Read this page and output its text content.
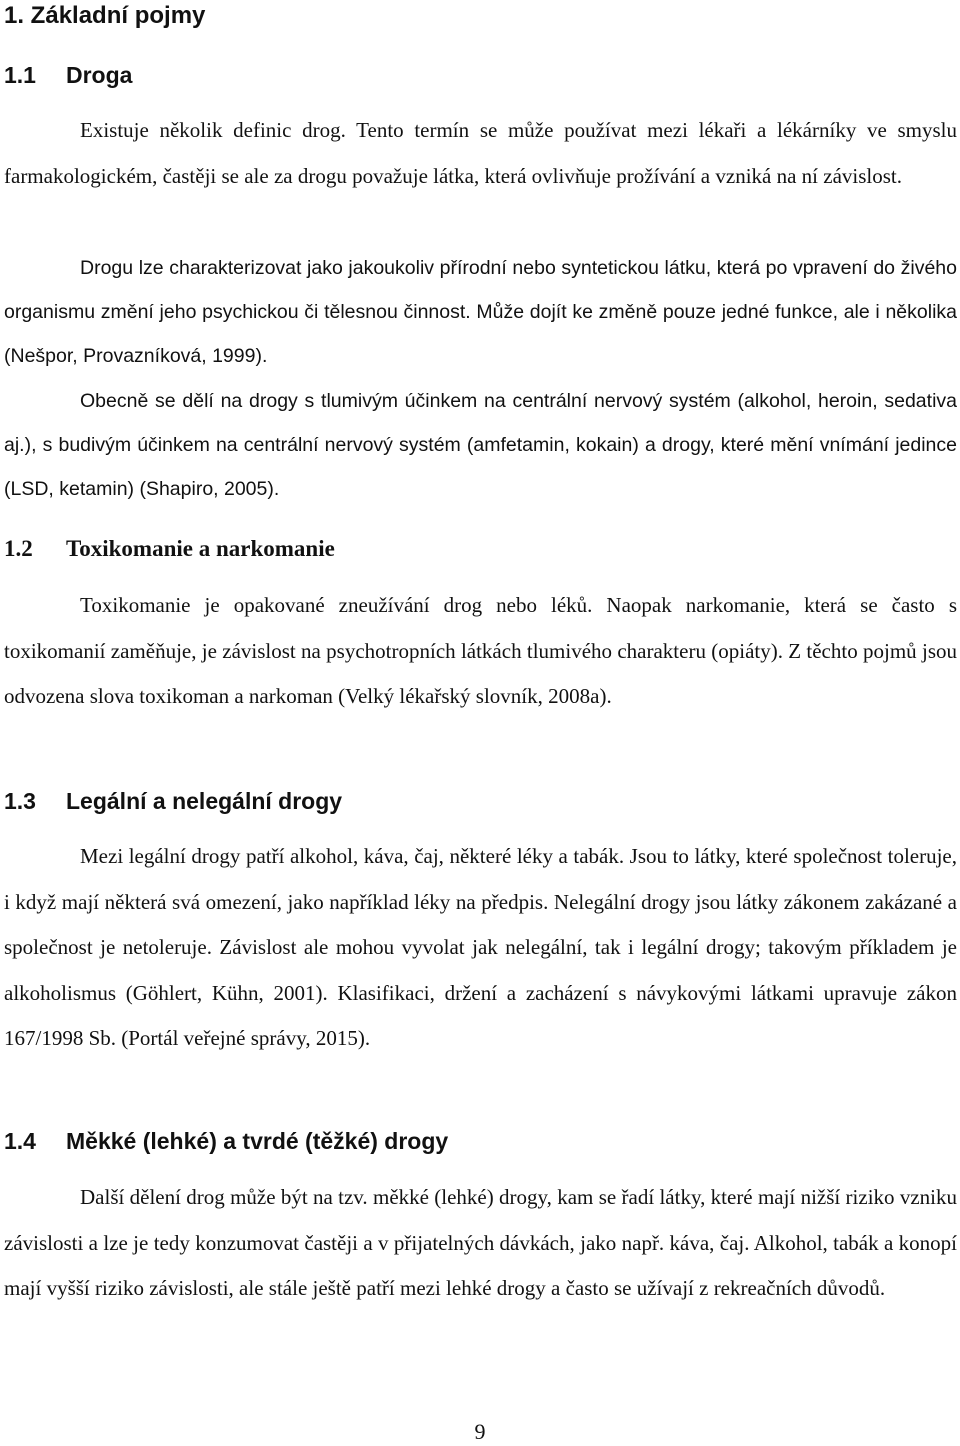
1. Základní pojmy
1.1 Droga

Existuje několik definic drog. Tento termín se může používat mezi lékaři a lékárníky ve smyslu farmakologickém, častěji se ale za drogu považuje látka, která ovlivňuje prožívání a vzniká na ní závislost.

Drogu lze charakterizovat jako jakoukoliv přírodní nebo syntetickou látku, která po vpravení do živého organismu změní jeho psychickou či tělesnou činnost. Může dojít ke změně pouze jedné funkce, ale i několika (Nešpor, Provazníková, 1999).

Obecně se dělí na drogy s tlumivým účinkem na centrální nervový systém (alkohol, heroin, sedativa aj.), s budivým účinkem na centrální nervový systém (amfetamin, kokain) a drogy, které mění vnímání jedince (LSD, ketamin) (Shapiro, 2005).

1.2 Toxikomanie a narkomanie

Toxikomanie je opakované zneužívání drog nebo léků. Naopak narkomanie, která se často s toxikomanií zaměňuje, je závislost na psychotropních látkách tlumivého charakteru (opiáty). Z těchto pojmů jsou odvozena slova toxikoman a narkoman (Velký lékařský slovník, 2008a).

1.3 Legální a nelegální drogy

Mezi legální drogy patří alkohol, káva, čaj, některé léky a tabák. Jsou to látky, které společnost toleruje, i když mají některá svá omezení, jako například léky na předpis. Nelegální drogy jsou látky zákonem zakázané a společnost je netoleruje. Závislost ale mohou vyvolat jak nelegální, tak i legální drogy; takovým příkladem je alkoholismus (Göhlert, Kühn, 2001). Klasifikaci, držení a zacházení s návykovými látkami upravuje zákon 167/1998 Sb. (Portál veřejné správy, 2015).

1.4 Měkké (lehké) a tvrdé (těžké) drogy

Další dělení drog může být na tzv. měkké (lehké) drogy, kam se řadí látky, které mají nižší riziko vzniku závislosti a lze je tedy konzumovat častěji a v přijatelných dávkách, jako např. káva, čaj. Alkohol, tabák a konopí mají vyšší riziko závislosti, ale stále ještě patří mezi lehké drogy a často se užívají z rekreačních důvodů.

9
